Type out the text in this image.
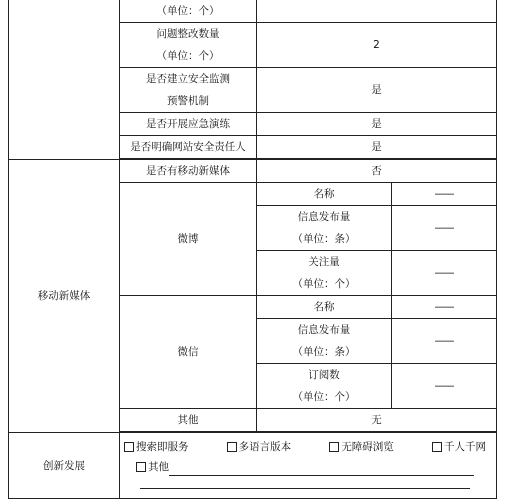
	（单位：个）		

	问题整改数量
（单位：个）	2	

	是否建立安全监测
预警机制	是	
	是否开展应急演练	是	
	是否明确网站安全责任人	是	

移动新媒体	是否有移动新媒体	否	
	微博	名称	——

		信息发布量
（单位：条）	——

		关注量
（单位：个）	——
	微信	名称	——

		信息发布量
（单位：条）	——

		订阅数
（单位：个）	——
	其他	无	

创新发展	搜索即服务 多语言版本 无障碍浏览 千人千网
其他		
